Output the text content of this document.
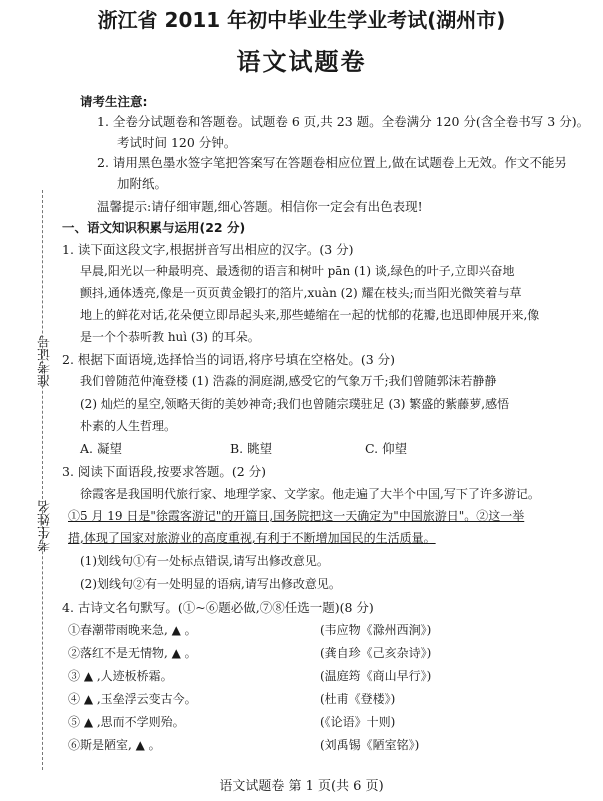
浙江省 2011 年初中毕业生学业考试(湖州市)
语文试题卷
准考证号
考生姓名
请考生注意:
1. 全卷分试题卷和答题卷。试题卷 6 页,共 23 题。全卷满分 120 分(含全卷书写 3 分)。
考试时间 120 分钟。
2. 请用黑色墨水签字笔把答案写在答题卷相应位置上,做在试题卷上无效。作文不能另
加附纸。
温馨提示:请仔细审题,细心答题。相信你一定会有出色表现!
一、语文知识积累与运用(22 分)
1. 读下面这段文字,根据拼音写出相应的汉字。(3 分)
早晨,阳光以一种最明亮、最透彻的语言和树叶 pān (1) 谈,绿色的叶子,立即兴奋地
颤抖,通体透亮,像是一页页黄金锻打的箔片,xuàn (2) 耀在枝头;而当阳光微笑着与草
地上的鲜花对话,花朵便立即昂起头来,那些蜷缩在一起的忧郁的花瓣,也迅即伸展开来,像
是一个个恭听教 huì (3) 的耳朵。
2. 根据下面语境,选择恰当的词语,将序号填在空格处。(3 分)
我们曾随范仲淹登楼 (1) 浩淼的洞庭湖,感受它的气象万千;我们曾随郭沫若静静
(2) 灿烂的星空,领略天街的美妙神奇;我们也曾随宗璞驻足 (3) 繁盛的紫藤萝,感悟
朴素的人生哲理。
A. 凝望	B. 眺望	C. 仰望
3. 阅读下面语段,按要求答题。(2 分)
徐霞客是我国明代旅行家、地理学家、文学家。他走遍了大半个中国,写下了许多游记。
①5 月 19 日是"徐霞客游记"的开篇日,国务院把这一天确定为"中国旅游日"。②这一举
措,体现了国家对旅游业的高度重视,有利于不断增加国民的生活质量。
(1)划线句①有一处标点错误,请写出修改意见。
(2)划线句②有一处明显的语病,请写出修改意见。
4. 古诗文名句默写。(①~⑥题必做,⑦⑧任选一题)(8 分)
①春潮带雨晚来急, ▲ 。	(韦应物《滁州西涧》)
②落红不是无情物, ▲ 。	(龚自珍《己亥杂诗》)
③ ▲ ,人迹板桥霜。	(温庭筠《商山早行》)
④ ▲ ,玉垒浮云变古今。	(杜甫《登楼》)
⑤ ▲ ,思而不学则殆。	(《论语》十则)
⑥斯是陋室, ▲ 。	(刘禹锡《陋室铭》)
语文试题卷 第 1 页(共 6 页)
